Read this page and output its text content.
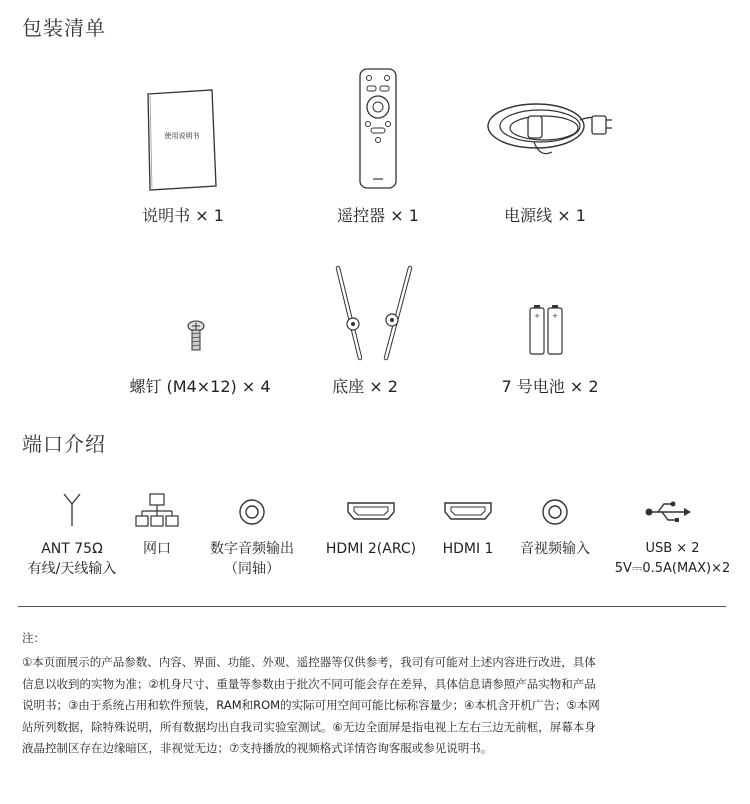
包装清单
使用说明书
说明书 × 1	遥控器 × 1	电源线 × 1
螺钉 (M4×12) × 4	底座 × 2
+ +
7 号电池 × 2
端口介绍
ANT 75Ω
有线/天线输入
网口	数字音频输出
（同轴）
HDMI 2(ARC)	HDMI 1	音视频输入	USB × 2
5V⎓0.5A(MAX)×2
注：
①本页面展示的产品参数、内容、界面、功能、外观、遥控器等仅供参考，我司有可能对上述内容进行改进，具体
信息以收到的实物为准；②机身尺寸、重量等参数由于批次不同可能会存在差异，具体信息请参照产品实物和产品
说明书；③由于系统占用和软件预装，RAM和ROM的实际可用空间可能比标称容量少；④本机含开机广告；⑤本网
站所列数据，除特殊说明，所有数据均出自我司实验室测试。⑥无边全面屏是指电视上左右三边无前框，屏幕本身
液晶控制区存在边缘暗区，非视觉无边；⑦支持播放的视频格式详情咨询客服或参见说明书。
